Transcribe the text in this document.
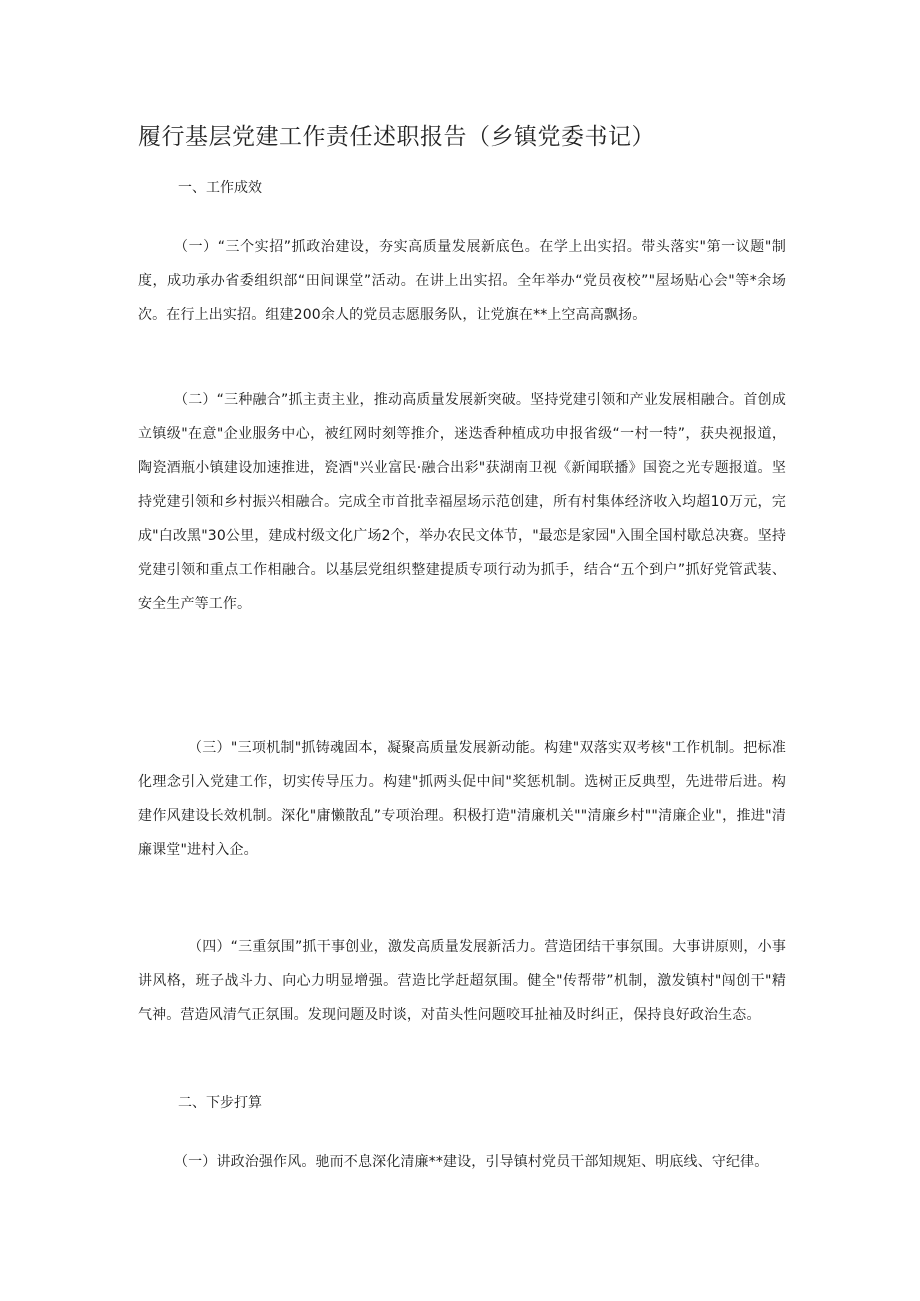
履行基层党建工作责任述职报告（乡镇党委书记）
一、工作成效
（一）“三个实招”抓政治建设，夯实高质量发展新底色。在学上出实招。带头落实"第一议题"制度，成功承办省委组织部“田间课堂”活动。在讲上出实招。全年举办“党员夜校”"屋场贴心会"等*余场次。在行上出实招。组建200余人的党员志愿服务队，让党旗在**上空高高飘扬。
（二）“三种融合”抓主责主业，推动高质量发展新突破。坚持党建引领和产业发展相融合。首创成立镇级"在意"企业服务中心，被红网时刻等推介，迷迭香种植成功申报省级“一村一特”，获央视报道，陶瓷酒瓶小镇建设加速推进，瓷酒"兴业富民·融合出彩"获湖南卫视《新闻联播》国瓷之光专题报道。坚持党建引领和乡村振兴相融合。完成全市首批幸福屋场示范创建，所有村集体经济收入均超10万元，完成"白改黑"30公里，建成村级文化广场2个，举办农民文体节，"最恋是家园"入围全国村歇总决赛。坚持党建引领和重点工作相融合。以基层党组织整建提质专项行动为抓手，结合“五个到户”抓好党管武装、安全生产等工作。
（三）"三项机制"抓铸魂固本，凝聚高质量发展新动能。构建"双落实双考核"工作机制。把标准化理念引入党建工作，切实传导压力。构建"抓两头促中间"奖惩机制。选树正反典型，先进带后进。构建作风建设长效机制。深化"庸懒散乱”专项治理。积极打造"清廉机关""清廉乡村""清廉企业"，推进"清廉课堂"进村入企。
（四）“三重氛围”抓干事创业，激发高质量发展新活力。营造团结干事氛围。大事讲原则，小事讲风格，班子战斗力、向心力明显增强。营造比学赶超氛围。健全"传帮带”机制，激发镇村"闯创干"精气神。营造风清气正氛围。发现问题及时谈，对苗头性问题咬耳扯袖及时纠正，保持良好政治生态。
二、下步打算
（一）讲政治强作风。驰而不息深化清廉**建设，引导镇村党员干部知规矩、明底线、守纪律。
